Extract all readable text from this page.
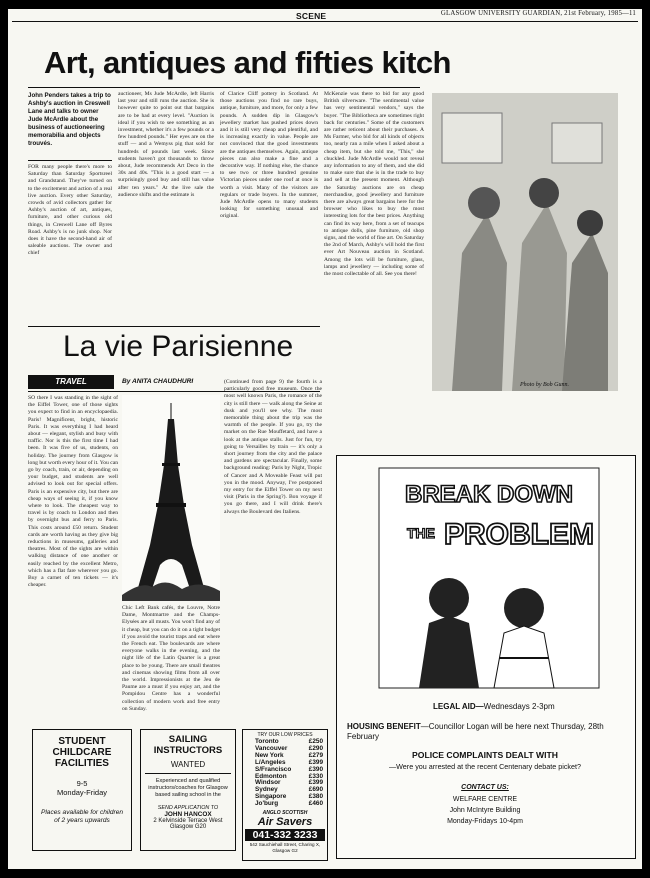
SCENE	GLASGOW UNIVERSITY GUARDIAN, 21st February, 1985—11
Art, antiques and fifties kitch
John Penders takes a trip to Ashby's auction in Creswell Lane and talks to owner Jude McArdle about the business of auctioneering memorabilia and objects trouvés.
FOR many people there's more to Saturday than Saturday Sportsreel and Grandstand. They've turned on to the excitement and action of a real live auction. Every other Saturday, crowds of avid collectors gather for Ashby's auction of art, antiques, furniture, and other curious old things, in Creswell Lane off Byres Road. Ashby's is no junk shop. Nor does it have the second-hand air of saleable auctions. The owner and chief
auctioneer, Ms Jude McArdle, left Harris last year and still runs the auction. She is however quite to point out that bargains are to be had at every level. "Auction is ideal if you wish to see something as an investment, whether it's a few pounds or a few hundred pounds." Her eyes are on the stuff — and a Wemyss pig that sold for hundreds of pounds last week. Since students haven't got thousands to throw about, Jude recommends Art Deco in the 30s and 40s. "This is a good start — a surprisingly good buy and still has value after ten years." At the live sale the audience shifts and the estimate is
of Clarice Cliff pottery in Scotland. At those auctions you find no rare buys, antique, furniture, and more, for only a few pounds. A sudden dip in Glasgow's jewellery market has pushed prices down and it is still very cheap and plentiful, and is increasing exactly in value. People are not convinced that the good investments are the antiques themselves. Again, antique pieces can also make a fine and a decorative way. If nothing else, the chance to see two or three hundred genuine Victorian pieces under one roof at once is worth a visit. Many of the visitors are regulars or trade buyers. In the summer, Jude McArdle opens to many students looking for something unusual and original.
McKenzie was there to bid for any good British silverware. "The sentimental value has very sentimental vendors," says the buyer. "The Bibliotheca are sometimes right back for centuries." Some of the customers are rather reticent about their purchases. A Ms Farmer, who bid for all kinds of objects too, nearly ran a mile when I asked about a cheap item, but she told me, "This," she chuckled. Jude McArdle would not reveal any information to any of them, and she did to make sure that she is in the trade to buy and sell at the present moment. Although the Saturday auctions are on cheap merchandise, good jewellery and furniture there are always great bargains here for the browser who likes to buy the most interesting lots for the best prices. Anything can find its way here, from a set of teacups to antique dolls, pine furniture, old shop signs, and the world of fine art. On Saturday the 2nd of March, Ashby's will hold the first ever Art Nouveau auction in Scotland. Among the lots will be furniture, glass, lamps and jewellery — including some of the most collectable of all. See you there!
Photo by Bob Gunn.
La vie Parisienne
TRAVEL	By ANITA CHAUDHURI
SO there I was standing in the sight of the Eiffel Tower, one of those sights you expect to find in an encyclopaedia. Paris! Magnificent, bright, historic Paris. It was everything I had heard about — elegant, stylish and busy with traffic. Nor is this the first time I had been. It was five of us, students, on holiday. The journey from Glasgow is long but worth every hour of it. You can go by coach, train, or air, depending on your budget, and students are well advised to look out for special offers. Paris is an expensive city, but there are cheap ways of seeing it, if you know where to look. The cheapest way to travel is by coach to London and then by overnight bus and ferry to Paris. This costs around £50 return. Student cards are worth having as they give big reductions in museums, galleries and theatres. Most of the sights are within walking distance of one another or easily reached by the excellent Metro, which has a flat fare wherever you go. Buy a carnet of ten tickets — it's cheaper.
Chic Left Bank cafés, the Louvre, Notre Dame, Montmartre and the Champs-Elysées are all musts. You won't find any of it cheap, but you can do it on a tight budget if you avoid the tourist traps and eat where the French eat. The boulevards are where everyone walks in the evening, and the night life of the Latin Quarter is a great place to be young. There are small theatres and cinemas showing films from all over the world. Impressionists at the Jeu de Paume are a must if you enjoy art, and the Pompidou Centre has a wonderful collection of modern work and free entry on Sunday.
(Continued from page 9) the fourth is a particularly good free museum. Once the most well known Paris, the romance of the city is still there — walk along the Seine at dusk and you'll see why. The most memorable thing about the trip was the warmth of the people. If you go, try the market on the Rue Mouffetard, and have a look at the antique stalls. Just for fun, try going to Versailles by train — it's only a short journey from the city and the palace and gardens are spectacular. Finally, some background reading: Paris by Night, Tropic of Cancer and A Moveable Feast will put you in the mood. Anyway, I've postponed my entry for the Eiffel Tower on my next visit (Paris in the Spring?). Bon voyage if you go there, and I will drink there's always the Boulevard des Italiens.
BREAK DOWN
THE PROBLEM
LEGAL AID—Wednesdays 2-3pm
HOUSING BENEFIT—Councillor Logan will be here next Thursday, 28th February
POLICE COMPLAINTS DEALT WITH
—Were you arrested at the recent Centenary debate picket?
CONTACT US:
WELFARE CENTRE
John McIntyre Building
Monday-Fridays 10-4pm
STUDENT
CHILDCARE
FACILITIES
9-5
Monday-Friday
Places available for children of 2 years upwards
SAILING
INSTRUCTORS
WANTED
Experienced and qualified instructors/coaches for Glasgow based sailing school in the
SEND APPLICATION TO
JOHN HANCOX
2 Kelvinside Terrace West
Glasgow G20
TRY OUR LOW PRICES
Toronto	£250
Vancouver	£290
New York	£279
L/Angeles	£399
S/Francisco	£390
Edmonton	£330
Windsor	£399
Sydney	£690
Singapore	£380
Jo'burg	£460
ANGLO SCOTTISH
Air Savers
041-332 3233
542 Sauchiehall Street, Charing X, Glasgow G2
